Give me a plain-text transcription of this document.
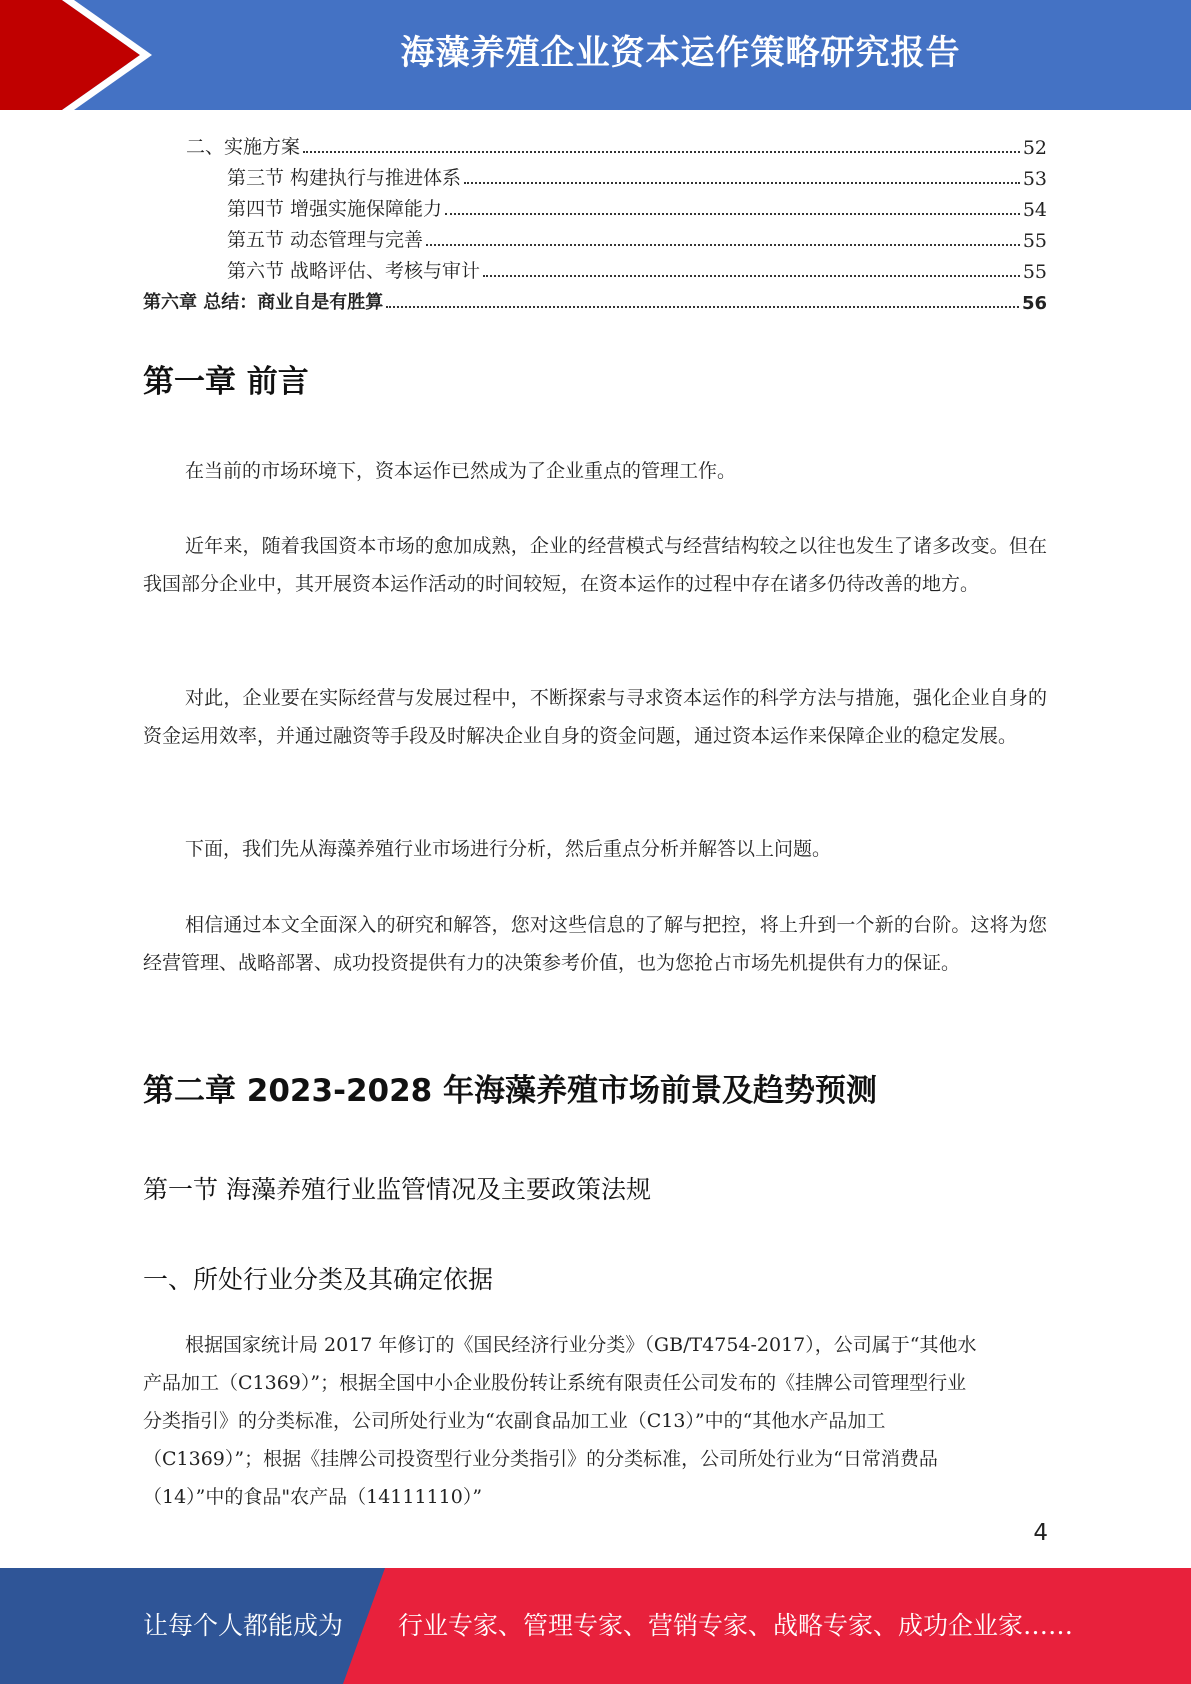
海藻养殖企业资本运作策略研究报告
二、实施方案	52
第三节 构建执行与推进体系	53
第四节 增强实施保障能力	54
第五节 动态管理与完善	55
第六节 战略评估、考核与审计	55
第六章 总结：商业自是有胜算	56
第一章 前言
在当前的市场环境下，资本运作已然成为了企业重点的管理工作。
近年来，随着我国资本市场的愈加成熟，企业的经营模式与经营结构较之以往也发生了诸多改变。但在我国部分企业中，其开展资本运作活动的时间较短，在资本运作的过程中存在诸多仍待改善的地方。
对此，企业要在实际经营与发展过程中，不断探索与寻求资本运作的科学方法与措施，强化企业自身的资金运用效率，并通过融资等手段及时解决企业自身的资金问题，通过资本运作来保障企业的稳定发展。
下面，我们先从海藻养殖行业市场进行分析，然后重点分析并解答以上问题。
相信通过本文全面深入的研究和解答，您对这些信息的了解与把控，将上升到一个新的台阶。这将为您经营管理、战略部署、成功投资提供有力的决策参考价值，也为您抢占市场先机提供有力的保证。
第二章 2023-2028 年海藻养殖市场前景及趋势预测
第一节 海藻养殖行业监管情况及主要政策法规
一、所处行业分类及其确定依据
根据国家统计局 2017 年修订的《国民经济行业分类》（GB/T4754-2017），公司属于“其他水
产品加工（C1369）”；根据全国中小企业股份转让系统有限责任公司发布的《挂牌公司管理型行业
分类指引》的分类标准，公司所处行业为“农副食品加工业（C13）”中的“其他水产品加工
（C1369）”；根据《挂牌公司投资型行业分类指引》的分类标准，公司所处行业为“日常消费品
（14）”中的食品"农产品（14111110）”
4
让每个人都能成为 行业专家、管理专家、营销专家、战略专家、成功企业家……
